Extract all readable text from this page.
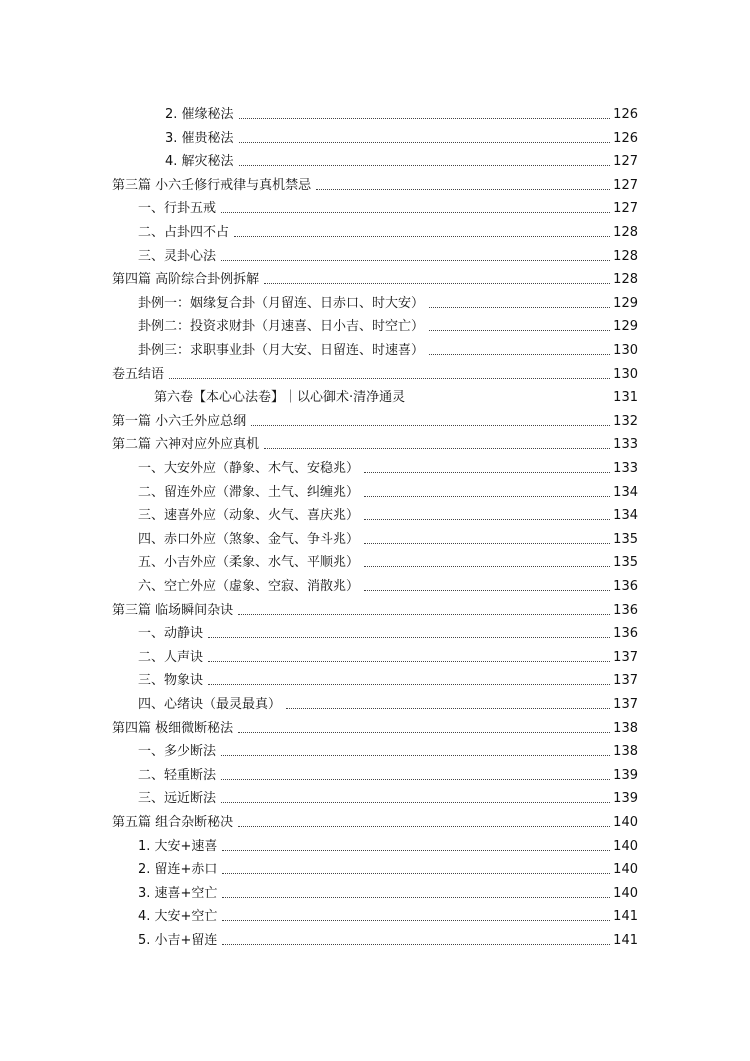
2. 催缘秘法	126
3. 催贵秘法	126
4. 解灾秘法	127
第三篇 小六壬修行戒律与真机禁忌	127
一、行卦五戒	127
二、占卦四不占	128
三、灵卦心法	128
第四篇 高阶综合卦例拆解	128
卦例一：姻缘复合卦（月留连、日赤口、时大安）	129
卦例二：投资求财卦（月速喜、日小吉、时空亡）	129
卦例三：求职事业卦（月大安、日留连、时速喜）	130
卷五结语	130
第六卷【本心心法卷】｜以心御术·清净通灵	131
第一篇 小六壬外应总纲	132
第二篇 六神对应外应真机	133
一、大安外应（静象、木气、安稳兆）	133
二、留连外应（滞象、土气、纠缠兆）	134
三、速喜外应（动象、火气、喜庆兆）	134
四、赤口外应（煞象、金气、争斗兆）	135
五、小吉外应（柔象、水气、平顺兆）	135
六、空亡外应（虚象、空寂、消散兆）	136
第三篇 临场瞬间杂诀	136
一、动静诀	136
二、人声诀	137
三、物象诀	137
四、心绪诀（最灵最真）	137
第四篇 极细微断秘法	138
一、多少断法	138
二、轻重断法	139
三、远近断法	139
第五篇 组合杂断秘决	140
1. 大安+速喜	140
2. 留连+赤口	140
3. 速喜+空亡	140
4. 大安+空亡	141
5. 小吉+留连	141
